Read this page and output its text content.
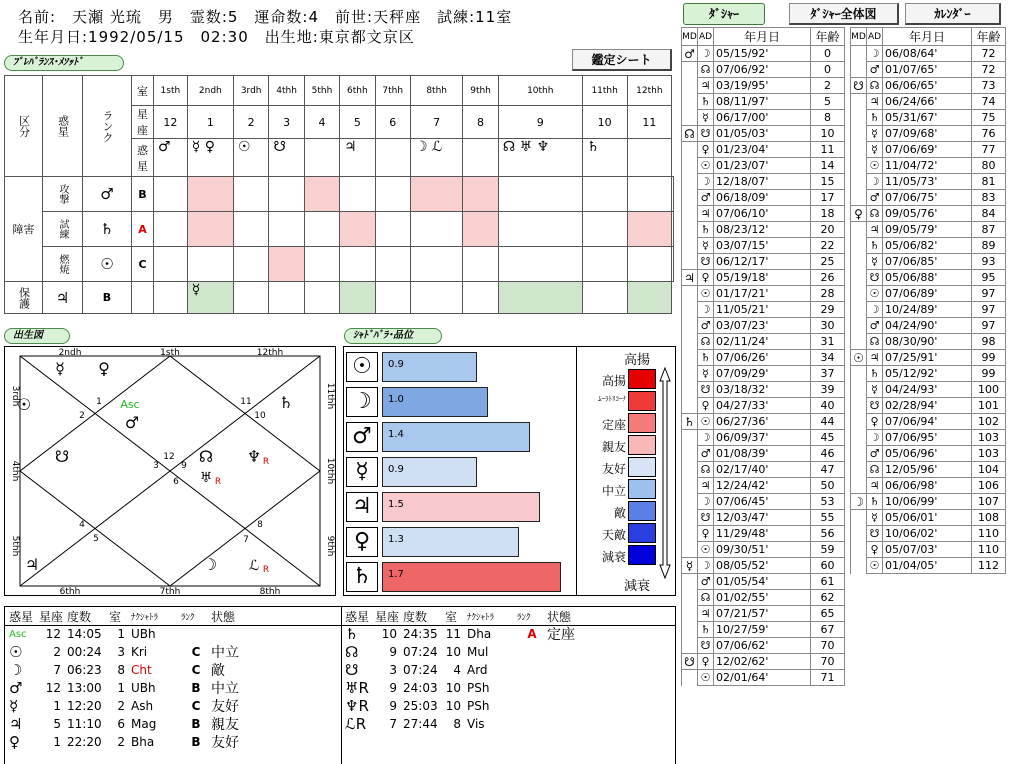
名前:　天瀬 光琉　男　霊数:5　運命数:4　前世:天秤座　試練:11室
生年月日:1992/05/15　02:30　出生地:東京都文京区
ﾌﾟﾚﾊﾞﾗﾝｽ･ﾒｿｯﾄﾞ	鑑定シート
区分	惑星	ランク	室	1sth	2ndh	3rdh	4thh	5thh	6thh	7thh	8thh	9thh	10thh	11thh	12thh	
			星座	12	1	2	3	4	5	6	7	8	9	10	11	
			惑星	♂	☿ ♀	☉	☋		♃		☽ ℒ		☊ ♅ ♆	♄		
障害	攻撃	♂	B													
	試練	♄	A													
	燃焼	☉	C													
保護	♃	B			☿											
出生図
2ndh	1sth	12thh
6thh	7thh	8thh
3rdh
4thh
5thh
11thh
10thh
9thh
1
2
3
4
5
6
7
8
9
10
11
12
Asc
♂
☿ ♀
☉
☋
♄
☊
♅ R
♆ R
♃	☽ ℒ R
ｼｬﾄﾞﾊﾞﾗ･品位
☉	0.9
☽	1.0
♂	1.4
☿	0.9
♃	1.5
♀	1.3
♄	1.7
高揚
減衰
高揚
ﾑｰﾗﾄﾘｺｰﾅ
定座
親友
友好
中立
敵
天敵
減衰
惑星 星座 度数	室	ﾅｸｼｬﾄﾗ	ﾗﾝｸ	状態
Asc	12 14:05	1 UBh
☉	2 00:24	3 Kri	C 中立
☽	7 06:23	8 Cht	C 敵
♂	12 13:00	1 UBh	B 中立
☿	1 12:20	2 Ash	C 友好
♃	5 11:10	6 Mag	B 親友
♀	1 22:20	2 Bha	B 友好
惑星 星座 度数	室	ﾅｸｼｬﾄﾗ	ﾗﾝｸ	状態
♄	10 24:35 11 Dha	A 定座
☊	9 07:24 10 Mul
☋	3 07:24	4 Ard
♅R	9 24:03 10 PSh
♆R	9 25:03 10 PSh
ℒR	7 27:44	8 Vis
ﾀﾞｼｬｰ	ﾀﾞｼｬｰ全体図	ｶﾚﾝﾀﾞｰ
MD	AD	年月日	年齢
♂	☽	05/15/92'	0
	☊	07/06/92'	0
	♃	03/19/95'	2
	♄	08/11/97'	5
	☿	06/17/00'	8
☊	☋	01/05/03'	10
	♀	01/23/04'	11
	☉	01/23/07'	14
	☽	12/18/07'	15
	♂	06/18/09'	17
	♃	07/06/10'	18
	♄	08/23/12'	20
	☿	03/07/15'	22
	☋	06/12/17'	25
♃	♀	05/19/18'	26
	☉	01/17/21'	28
	☽	11/05/21'	29
	♂	03/07/23'	30
	☊	02/11/24'	31
	♄	07/06/26'	34
	☿	07/09/29'	37
	☋	03/18/32'	39
	♀	04/27/33'	40
♄	☉	06/27/36'	44
	☽	06/09/37'	45
	♂	01/08/39'	46
	☊	02/17/40'	47
	♃	12/24/42'	50
	☽	07/06/45'	53
	☋	12/03/47'	55
	♀	11/29/48'	56
	☉	09/30/51'	59
☿	☽	08/05/52'	60
	♂	01/05/54'	61
	☊	01/02/55'	62
	♃	07/21/57'	65
	♄	10/27/59'	67
	☋	07/06/62'	70
☋	♀	12/02/62'	70
	☉	02/01/64'	71
MD	AD	年月日	年齢
	☽	06/08/64'	72
	♂	01/07/65'	72
☋	☊	06/06/65'	73
	♃	06/24/66'	74
	♄	05/31/67'	75
	☿	07/09/68'	76
	☿	07/06/69'	77
	☉	11/04/72'	80
	☽	11/05/73'	81
	♂	07/06/75'	83
♀	☊	09/05/76'	84
	♃	09/05/79'	87
	♄	05/06/82'	89
	☿	07/06/85'	93
	☋	05/06/88'	95
	☉	07/06/89'	97
	☽	10/24/89'	97
	♂	04/24/90'	97
	☊	08/30/90'	98
☉	♃	07/25/91'	99
	♄	05/12/92'	99
	☿	04/24/93'	100
	☋	02/28/94'	101
	♀	07/06/94'	102
	☽	07/06/95'	103
	♂	05/06/96'	103
	☊	12/05/96'	104
	♃	06/06/98'	106
☽	♄	10/06/99'	107
	☿	05/06/01'	108
	☋	10/06/02'	110
	♀	05/07/03'	110
	☉	01/04/05'	112
